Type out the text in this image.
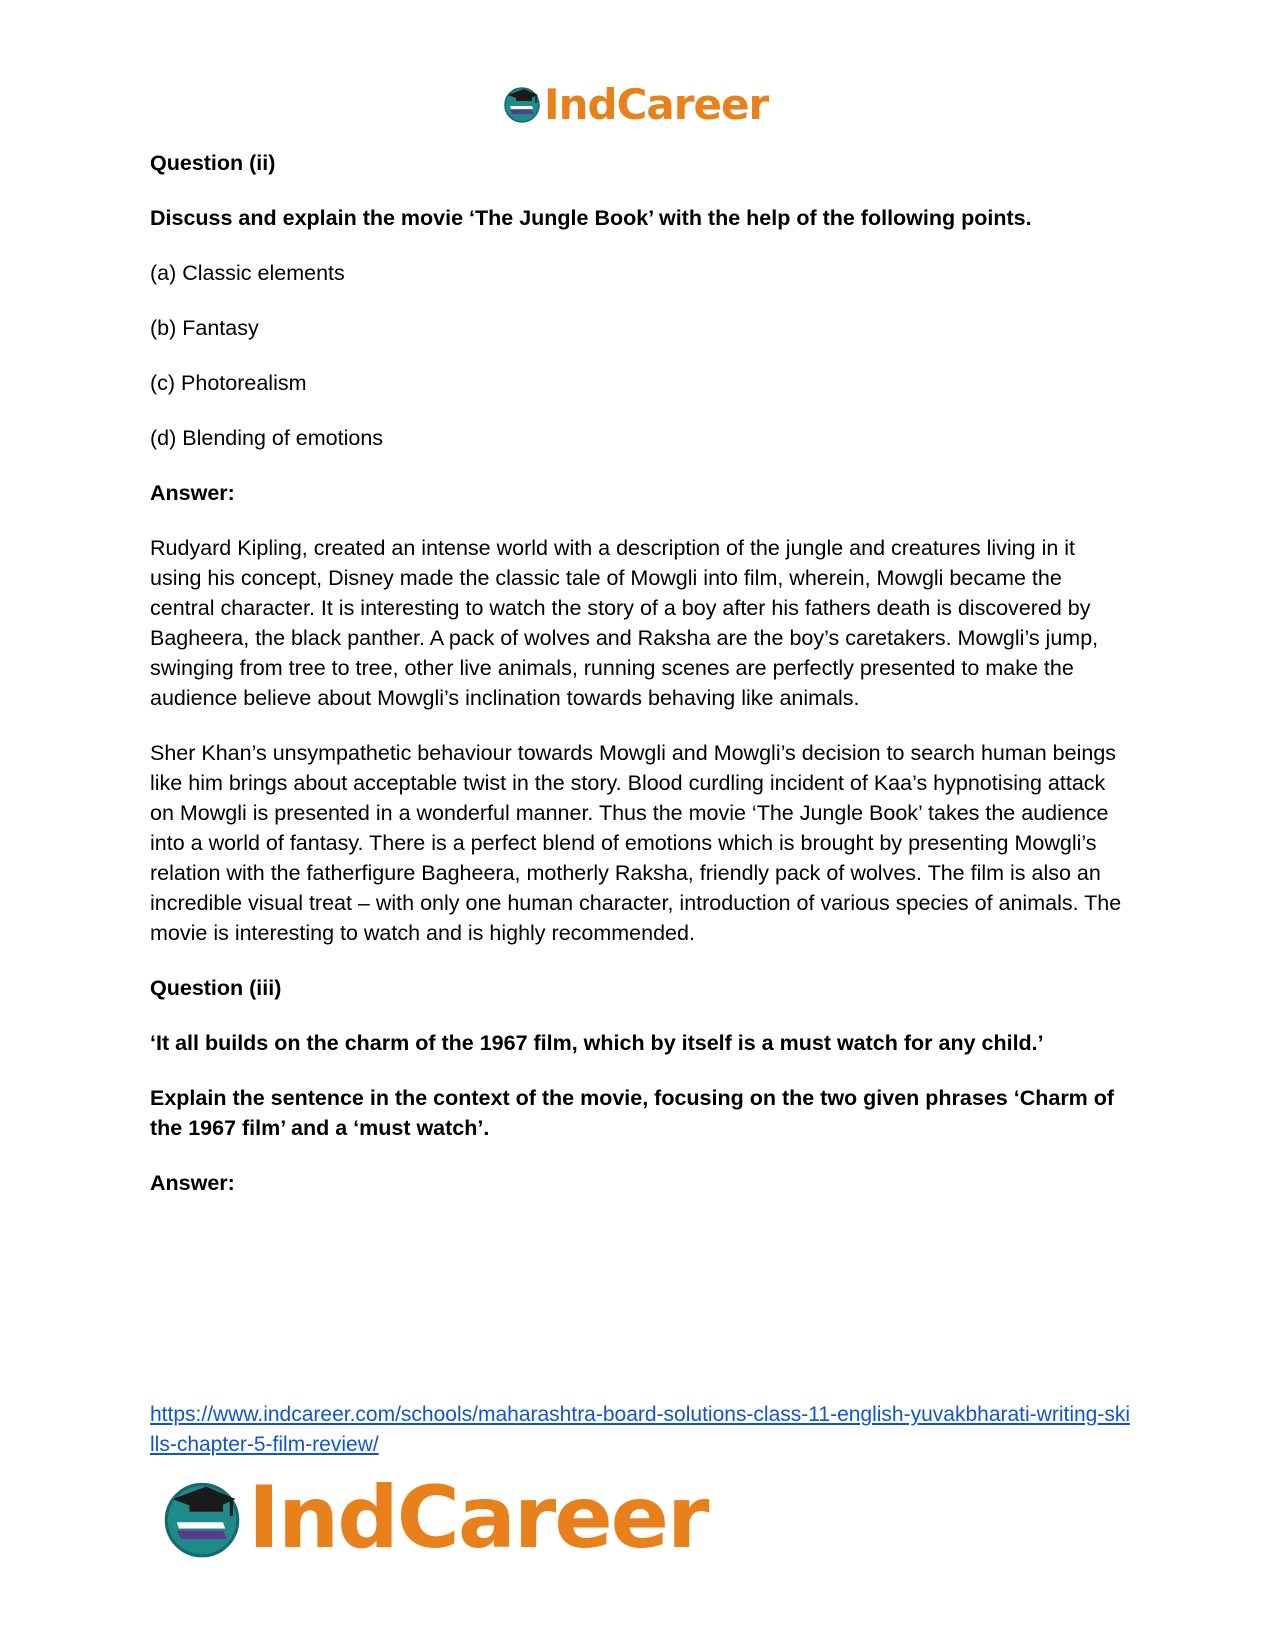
IndCareer

Question (ii)

Discuss and explain the movie ‘The Jungle Book’ with the help of the following points.

(a) Classic elements

(b) Fantasy

(c) Photorealism

(d) Blending of emotions

Answer:

Rudyard Kipling, created an intense world with a description of the jungle and creatures living in it using his concept, Disney made the classic tale of Mowgli into film, wherein, Mowgli became the central character. It is interesting to watch the story of a boy after his fathers death is discovered by Bagheera, the black panther. A pack of wolves and Raksha are the boy’s caretakers. Mowgli’s jump, swinging from tree to tree, other live animals, running scenes are perfectly presented to make the audience believe about Mowgli’s inclination towards behaving like animals.

Sher Khan’s unsympathetic behaviour towards Mowgli and Mowgli’s decision to search human beings like him brings about acceptable twist in the story. Blood curdling incident of Kaa’s hypnotising attack on Mowgli is presented in a wonderful manner. Thus the movie ‘The Jungle Book’ takes the audience into a world of fantasy. There is a perfect blend of emotions which is brought by presenting Mowgli’s relation with the fatherfigure Bagheera, motherly Raksha, friendly pack of wolves. The film is also an incredible visual treat – with only one human character, introduction of various species of animals. The movie is interesting to watch and is highly recommended.

Question (iii)

‘It all builds on the charm of the 1967 film, which by itself is a must watch for any child.’

Explain the sentence in the context of the movie, focusing on the two given phrases ‘Charm of the 1967 film’ and a ‘must watch’.

Answer:

https://www.indcareer.com/schools/maharashtra-board-solutions-class-11-english-yuvakbharati-writing-skills-chapter-5-film-review/
IndCareer
